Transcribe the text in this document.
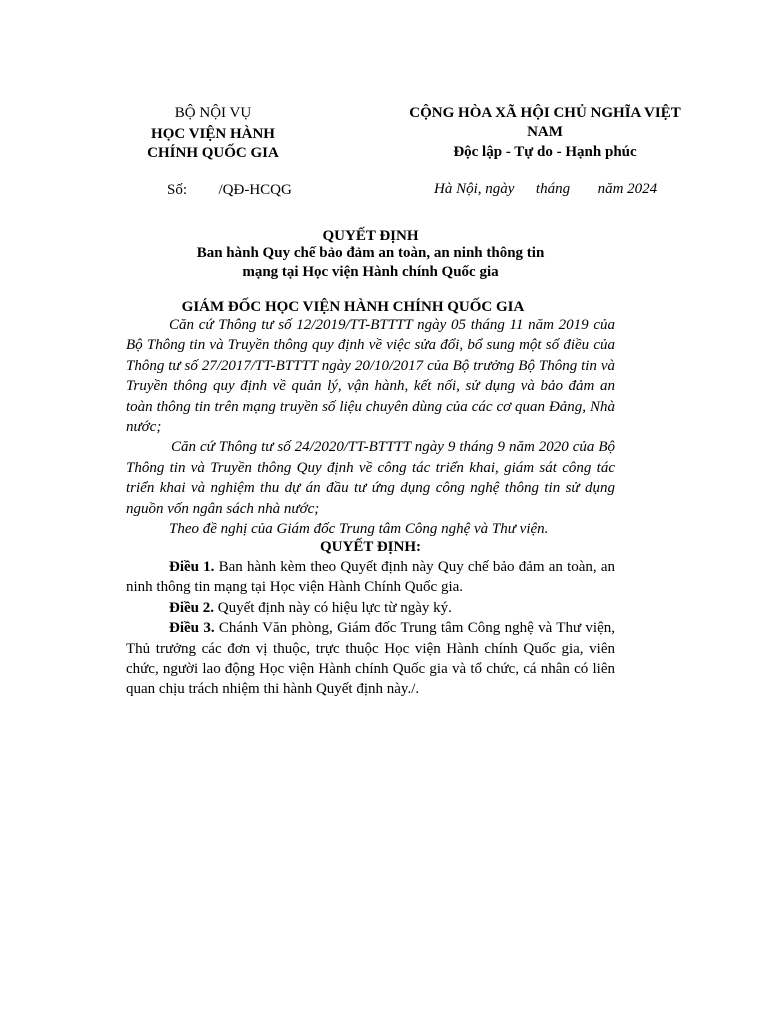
BỘ NỘI VỤ
HỌC VIỆN HÀNH
CHÍNH QUỐC GIA
CỘNG HÒA XÃ HỘI CHỦ NGHĨA VIỆT
NAM
Độc lập - Tự do - Hạnh phúc
Số: /QĐ-HCQG	Hà Nội, ngày tháng năm 2024
QUYẾT ĐỊNH
Ban hành Quy chế bảo đảm an toàn, an ninh thông tin
mạng tại Học viện Hành chính Quốc gia
GIÁM ĐỐC HỌC VIỆN HÀNH CHÍNH QUỐC GIA

Căn cứ Thông tư số 12/2019/TT-BTTTT ngày 05 tháng 11 năm 2019 của Bộ Thông tin và Truyền thông quy định về việc sửa đổi, bổ sung một số điều của Thông tư số 27/2017/TT-BTTTT ngày 20/10/2017 của Bộ trưởng Bộ Thông tin và Truyền thông quy định về quản lý, vận hành, kết nối, sử dụng và bảo đảm an toàn thông tin trên mạng truyền số liệu chuyên dùng của các cơ quan Đảng, Nhà nước;

Căn cứ Thông tư số 24/2020/TT-BTTTT ngày 9 tháng 9 năm 2020 của Bộ Thông tin và Truyền thông Quy định về công tác triển khai, giám sát công tác triển khai và nghiệm thu dự án đầu tư ứng dụng công nghệ thông tin sử dụng nguồn vốn ngân sách nhà nước;

Theo đề nghị của Giám đốc Trung tâm Công nghệ và Thư viện.

QUYẾT ĐỊNH:

Điều 1. Ban hành kèm theo Quyết định này Quy chế bảo đảm an toàn, an ninh thông tin mạng tại Học viện Hành Chính Quốc gia.

Điều 2. Quyết định này có hiệu lực từ ngày ký.

Điều 3. Chánh Văn phòng, Giám đốc Trung tâm Công nghệ và Thư viện, Thủ trưởng các đơn vị thuộc, trực thuộc Học viện Hành chính Quốc gia, viên chức, người lao động Học viện Hành chính Quốc gia và tổ chức, cá nhân có liên quan chịu trách nhiệm thi hành Quyết định này./.
